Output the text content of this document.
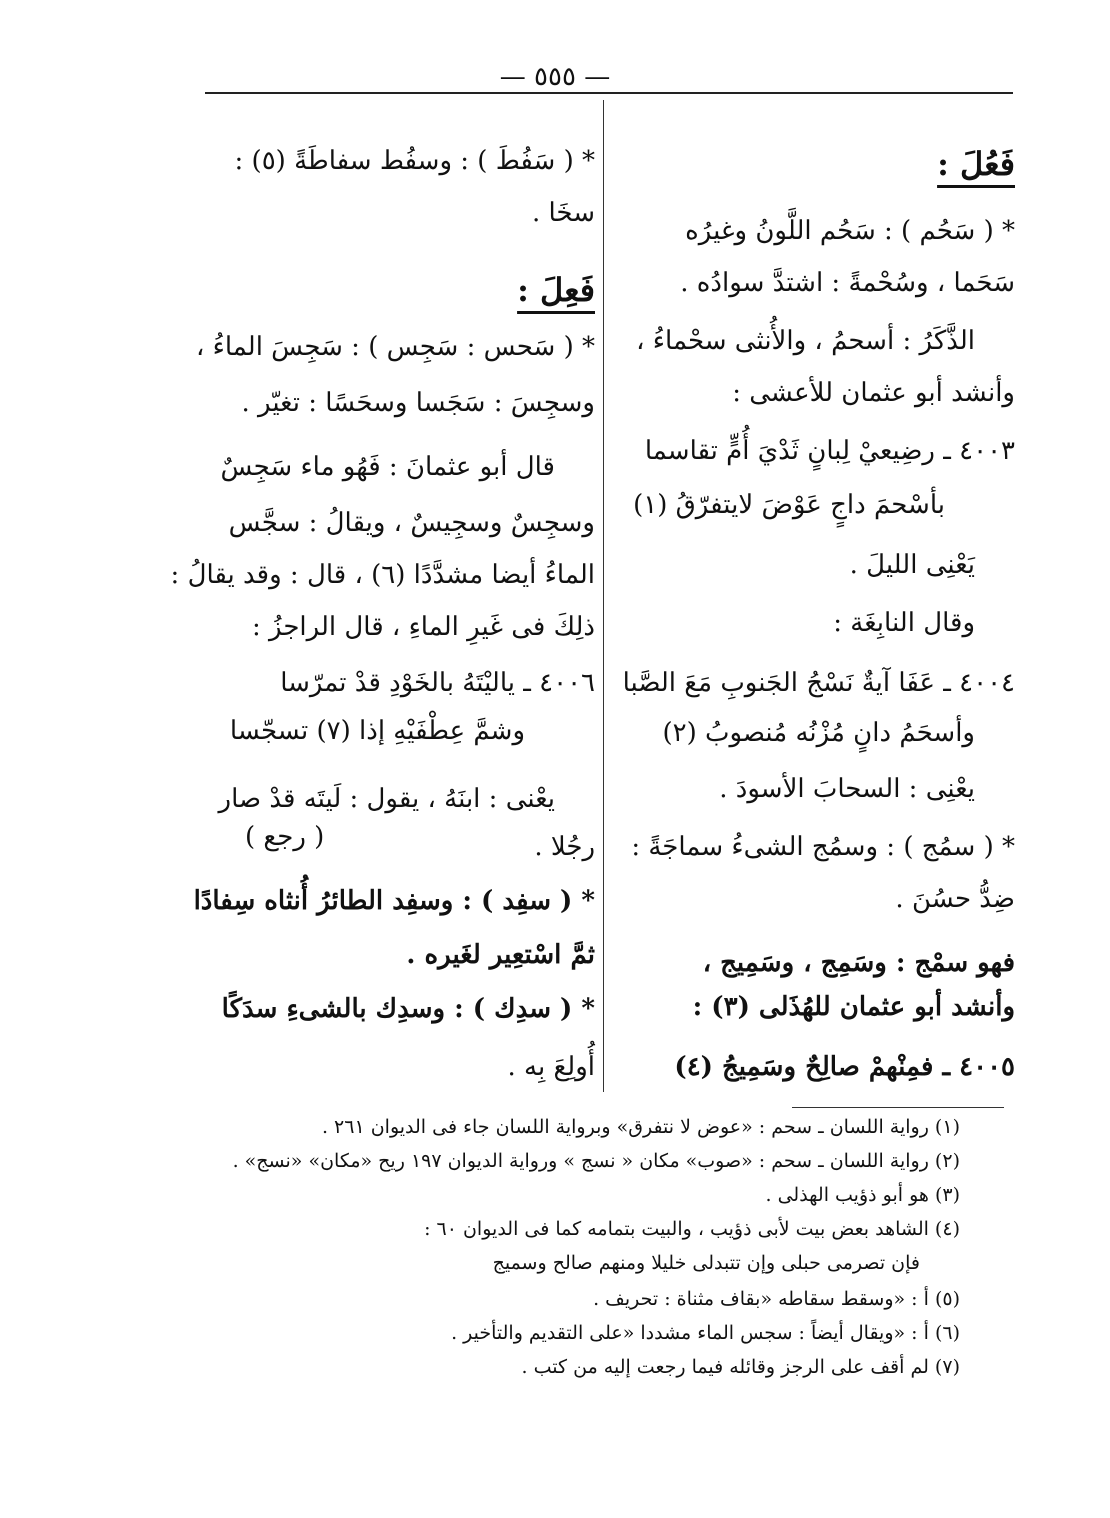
— ٥٥٥ —
فَعُلَ :
* ( سَحُم ) : سَحُم اللَّونُ وغيرُه
سَحَما ، وسُحْمةً : اشتدَّ سوادُه .
الذَّكَرُ : أسحمُ ، والأُنثى سحْماءُ ،
وأنشد أبو عثمان للأعشى :
٤٠٠٣ ـ رضِيعيْ لِبانٍ ثَدْيَ أُمٍّ تقاسما
بأسْحمَ داجٍ عَوْضَ لايتفرّقُ (١)
يَعْنِى الليلَ .
وقال النابِغَة :
٤٠٠٤ ـ عَفَا آيةٌ نَسْجُ الجَنوبِ مَعَ الصَّبا
وأسحَمُ دانٍ مُزْنُه مُنصوبُ (٢)
يعْنِى : السحابَ الأسودَ .
* ( سمُج ) : وسمُج الشىءُ سماجَةً :
ضِدُّ حسُنَ .
فهو سمْج : وسَمِج ، وسَمِيج ،
وأنشد أبو عثمان للهُذَلى (٣) :
٤٠٠٥ ـ فمِنْهمْ صالِحٌ وسَمِيجُ (٤)
* ( سَفُطَ ) : وسفُط سفاطَةً (٥) :
سخَا .
فَعِلَ :
* ( سَحس : سَجِس ) : سَجِسَ الماءُ ،
وسجِسَ : سَجَسا وسحَسًا : تغيّر .
قال أبو عثمانَ : فَهُو ماء سَجِسٌ
وسجِسٌ وسجِيسٌ ، ويقالُ : سجَّس
الماءُ أيضا مشدَّدًا (٦) ، قال : وقد يقالُ :
ذلِكَ فى غَيرِ الماءِ ، قال الراجزُ :
٤٠٠٦ ـ ياليْتَهُ بالخَوْدِ قدْ تمرّسا
وشمَّ عِطْفَيْهِ إذا (٧) تسجّسا
يعْنى : ابنَهُ ، يقول : لَيتَه قدْ صار
رجُلا .
( رجع )
* ( سفِد ) : وسفِد الطائرُ أُنثاه سِفادًا
ثمَّ اسْتعِير لغَيره .
* ( سدِك ) : وسدِك بالشىءِ سدَكًا
أُولِعَ بِه .
(١) رواية اللسان ـ سحم : «عوض لا نتفرق» وبرواية اللسان جاء فى الديوان ٢٦١ .
(٢) رواية اللسان ـ سحم : «صوب» مكان « نسج » ورواية الديوان ١٩٧ ريح «مكان» «نسج» .
(٣) هو أبو ذؤيب الهذلى .
(٤) الشاهد بعض بيت لأبى ذؤيب ، والبيت بتمامه كما فى الديوان ٦٠ :
فإن تصرمى حبلى وإن تتبدلى خليلا ومنهم صالح وسميج
(٥) أ : «وسقط سقاطه «بقاف مثناة : تحريف .
(٦) أ : «ويقال أيضاً : سجس الماء مشددا «على التقديم والتأخير .
(٧) لم أقف على الرجز وقائله فيما رجعت إليه من كتب .
